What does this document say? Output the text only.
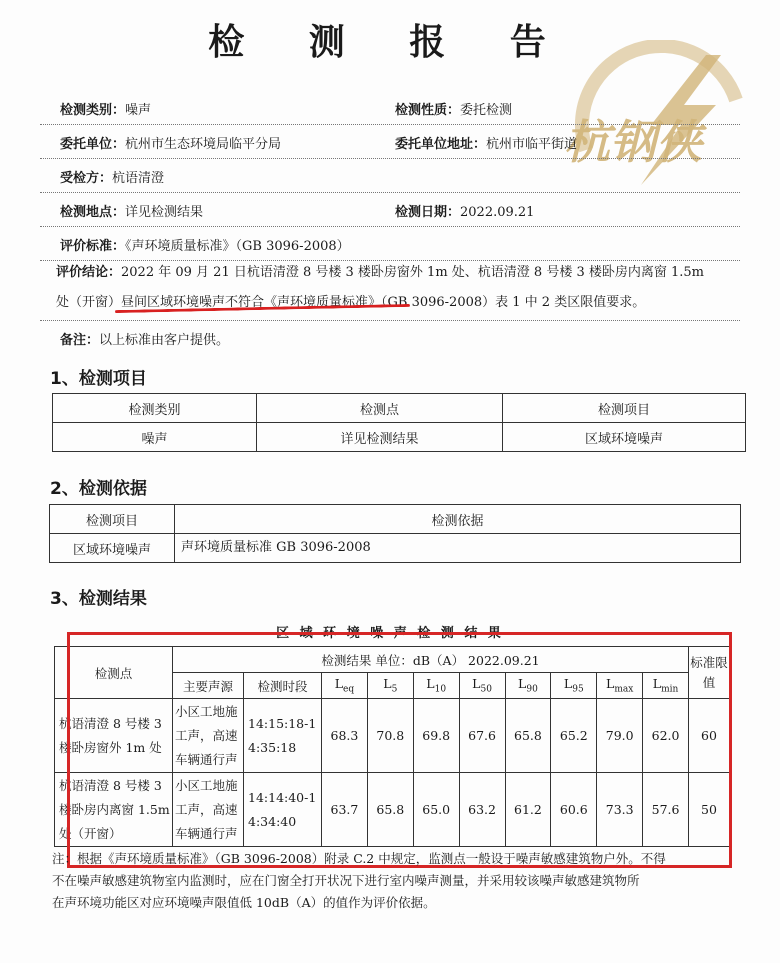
检 测 报 告
杭钢侠
检测类别：噪声	检测性质：委托检测
委托单位：杭州市生态环境局临平分局	委托单位地址：杭州市临平街道
受检方：杭语清澄
检测地点：详见检测结果	检测日期：2022.09.21
评价标准：《声环境质量标准》（GB 3096-2008）
评价结论：2022 年 09 月 21 日杭语清澄 8 号楼 3 楼卧房窗外 1m 处、杭语清澄 8 号楼 3 楼卧房内离窗 1.5m
处（开窗）昼间区域环境噪声不符合《声环境质量标准》（GB 3096-2008）表 1 中 2 类区限值要求。
备注：以上标准由客户提供。
1、检测项目
检测类别	检测点	检测项目
噪声	详见检测结果	区域环境噪声
2、检测依据
检测项目	检测依据
区域环境噪声	声环境质量标准 GB 3096-2008
3、检测结果
区 域 环 境 噪 声 检 测 结 果
检测点	检测结果 单位：dB（A） 2022.09.21										标准限值
	主要声源	检测时段	$L_{eq}$	$L_5$	$L_{10}$	$L_{50}$	$L_{90}$	$L_{95}$	$L_{max}$	$L_{min}$
杭语清澄 8 号楼 3 楼卧房窗外 1m 处	小区工地施工声，高速车辆通行声	14:15:18-14:35:18	68.3	70.8	69.8	67.6	65.8	65.2	79.0	62.0	60
杭语清澄 8 号楼 3 楼卧房内离窗 1.5m 处（开窗）	小区工地施工声，高速车辆通行声	14:14:40-14:34:40	63.7	65.8	65.0	63.2	61.2	60.6	73.3	57.6	50
注：根据《声环境质量标准》（GB 3096-2008）附录 C.2 中规定，监测点一般设于噪声敏感建筑物户外。不得
不在噪声敏感建筑物室内监测时，应在门窗全打开状况下进行室内噪声测量，并采用较该噪声敏感建筑物所
在声环境功能区对应环境噪声限值低 10dB（A）的值作为评价依据。
